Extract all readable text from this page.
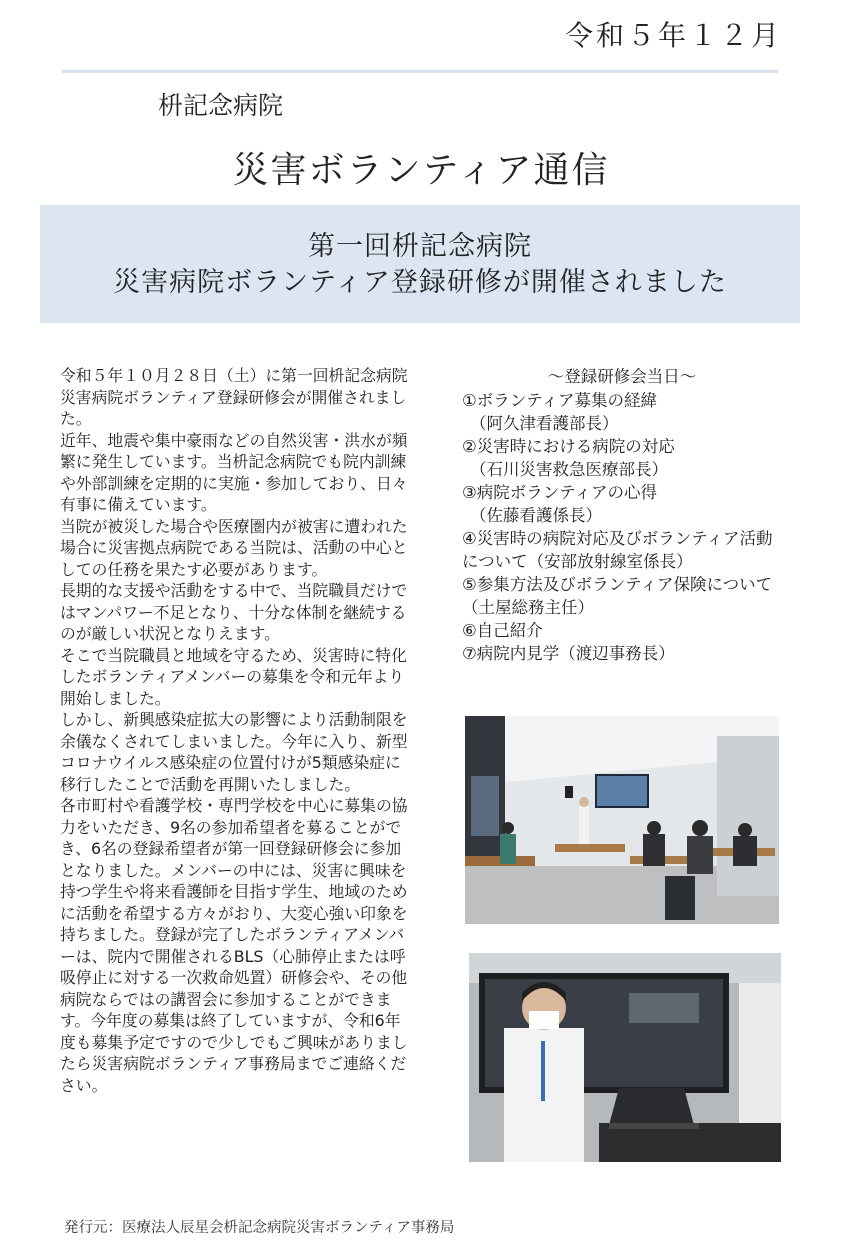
令和５年１２月
枡記念病院
災害ボランティア通信
第一回枡記念病院
災害病院ボランティア登録研修が開催されました

令和５年１０月２８日（土）に第一回枡記念病院災害病院ボランティア登録研修会が開催されました。

近年、地震や集中豪雨などの自然災害・洪水が頻繁に発生しています。当枡記念病院でも院内訓練や外部訓練を定期的に実施・参加しており、日々有事に備えています。

当院が被災した場合や医療圏内が被害に遭われた場合に災害拠点病院である当院は、活動の中心としての任務を果たす必要があります。

長期的な支援や活動をする中で、当院職員だけではマンパワー不足となり、十分な体制を継続するのが厳しい状況となりえます。

そこで当院職員と地域を守るため、災害時に特化したボランティアメンバーの募集を令和元年より開始しました。

しかし、新興感染症拡大の影響により活動制限を余儀なくされてしまいました。今年に入り、新型コロナウイルス感染症の位置付けが5類感染症に移行したことで活動を再開いたしました。

各市町村や看護学校・専門学校を中心に募集の協力をいただき、9名の参加希望者を募ることができ、6名の登録希望者が第一回登録研修会に参加となりました。メンバーの中には、災害に興味を持つ学生や将来看護師を目指す学生、地域のために活動を希望する方々がおり、大変心強い印象を持ちました。登録が完了したボランティアメンバーは、院内で開催されるBLS（心肺停止または呼吸停止に対する一次救命処置）研修会や、その他病院ならではの講習会に参加することができます。今年度の募集は終了していますが、令和6年度も募集予定ですので少しでもご興味がありましたら災害病院ボランティア事務局までご連絡ください。

～登録研修会当日～
①ボランティア募集の経緯
（阿久津看護部長）
②災害時における病院の対応
（石川災害救急医療部長）
③病院ボランティアの心得
（佐藤看護係長）
④災害時の病院対応及びボランティア活動について（安部放射線室係長）
⑤参集方法及びボランティア保険について（土屋総務主任）
⑥自己紹介
⑦病院内見学（渡辺事務長）
発行元：医療法人辰星会枡記念病院災害ボランティア事務局
